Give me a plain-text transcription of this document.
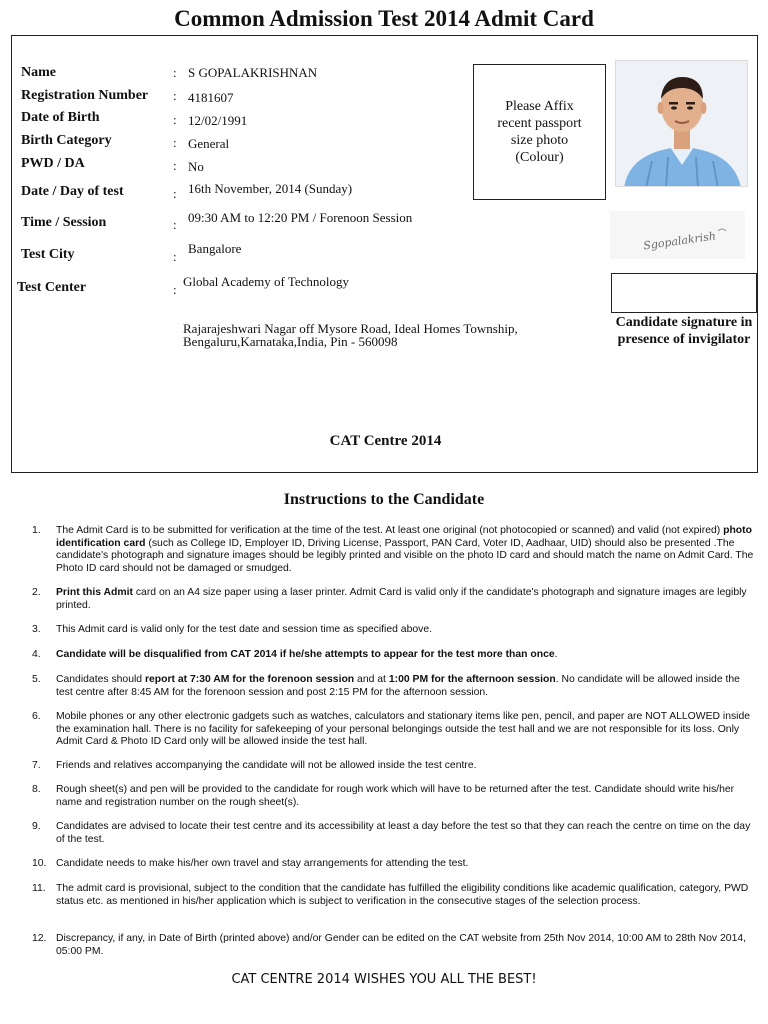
Common Admission Test 2014 Admit Card
Name	: S GOPALAKRISHNAN
Registration Number : 4181607
Date of Birth	: 12/02/1991
Birth Category	: General
PWD / DA	: No
Date / Day of test	: 16th November, 2014 (Sunday)
Time / Session	: 09:30 AM to 12:20 PM / Forenoon Session
Test City	:
Bangalore
Test Center	:
Global Academy of Technology
Rajarajeshwari Nagar off Mysore Road, Ideal Homes Township,
Bengaluru,Karnataka,India, Pin - 560098
Please Affix recent passport size photo (Colour)
Sgopalakrish
Candidate signature in presence of invigilator
CAT Centre 2014
Instructions to the Candidate
1.	The Admit Card is to be submitted for verification at the time of the test. At least one original (not photocopied or scanned) and valid (not expired) photo identification card (such as College ID, Employer ID, Driving License, Passport, PAN Card, Voter ID, Aadhaar, UID) should also be presented .The candidate's photograph and signature images should be legibly printed and visible on the photo ID card and should match the name on Admit Card. The Photo ID card should not be damaged or smudged.
2.	Print this Admit card on an A4 size paper using a laser printer. Admit Card is valid only if the candidate's photograph and signature images are legibly printed.
3.	This Admit card is valid only for the test date and session time as specified above.
4.	Candidate will be disqualified from CAT 2014 if he/she attempts to appear for the test more than once.
5.	Candidates should report at 7:30 AM for the forenoon session and at 1:00 PM for the afternoon session. No candidate will be allowed inside the test centre after 8:45 AM for the forenoon session and post 2:15 PM for the afternoon session.
6.	Mobile phones or any other electronic gadgets such as watches, calculators and stationary items like pen, pencil, and paper are NOT ALLOWED inside the examination hall. There is no facility for safekeeping of your personal belongings outside the test hall and we are not responsible for its loss. Only Admit Card & Photo ID Card only will be allowed inside the test hall.
7.	Friends and relatives accompanying the candidate will not be allowed inside the test centre.
8.	Rough sheet(s) and pen will be provided to the candidate for rough work which will have to be returned after the test. Candidate should write his/her name and registration number on the rough sheet(s).
9.	Candidates are advised to locate their test centre and its accessibility at least a day before the test so that they can reach the centre on time on the day of the test.
10. Candidate needs to make his/her own travel and stay arrangements for attending the test.
11. The admit card is provisional, subject to the condition that the candidate has fulfilled the eligibility conditions like academic qualification, category, PWD status etc. as mentioned in his/her application which is subject to verification in the consecutive stages of the selection process.
12. Discrepancy, if any, in Date of Birth (printed above) and/or Gender can be edited on the CAT website from 25th Nov 2014, 10:00 AM to 28th Nov 2014, 05:00 PM.
CAT CENTRE 2014 WISHES YOU ALL THE BEST!
